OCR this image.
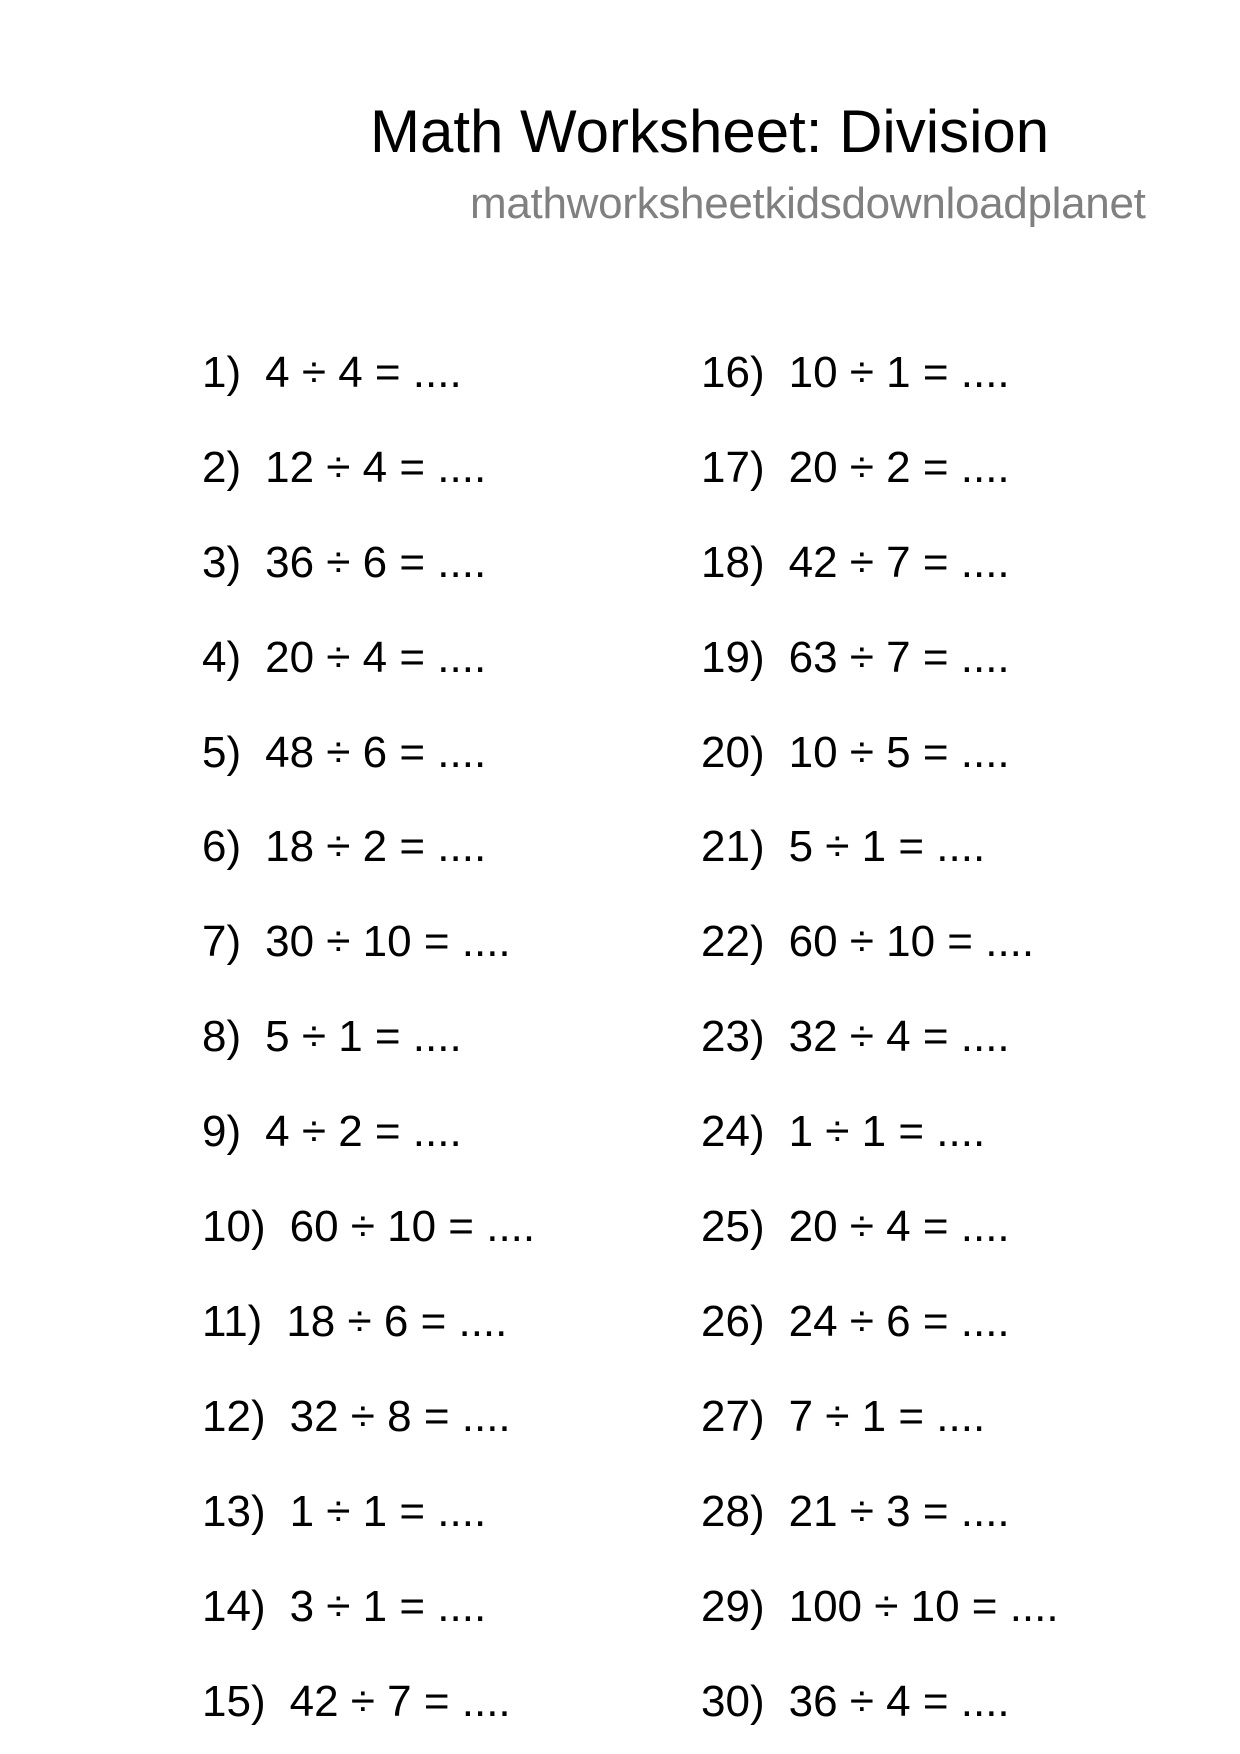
Math Worksheet: Division
mathworksheetkidsdownloadplanet
1) 4 ÷ 4 = ....
2) 12 ÷ 4 = ....
3) 36 ÷ 6 = ....
4) 20 ÷ 4 = ....
5) 48 ÷ 6 = ....
6) 18 ÷ 2 = ....
7) 30 ÷ 10 = ....
8) 5 ÷ 1 = ....
9) 4 ÷ 2 = ....
10) 60 ÷ 10 = ....
11) 18 ÷ 6 = ....
12) 32 ÷ 8 = ....
13) 1 ÷ 1 = ....
14) 3 ÷ 1 = ....
15) 42 ÷ 7 = ....
16) 10 ÷ 1 = ....
17) 20 ÷ 2 = ....
18) 42 ÷ 7 = ....
19) 63 ÷ 7 = ....
20) 10 ÷ 5 = ....
21) 5 ÷ 1 = ....
22) 60 ÷ 10 = ....
23) 32 ÷ 4 = ....
24) 1 ÷ 1 = ....
25) 20 ÷ 4 = ....
26) 24 ÷ 6 = ....
27) 7 ÷ 1 = ....
28) 21 ÷ 3 = ....
29) 100 ÷ 10 = ....
30) 36 ÷ 4 = ....
